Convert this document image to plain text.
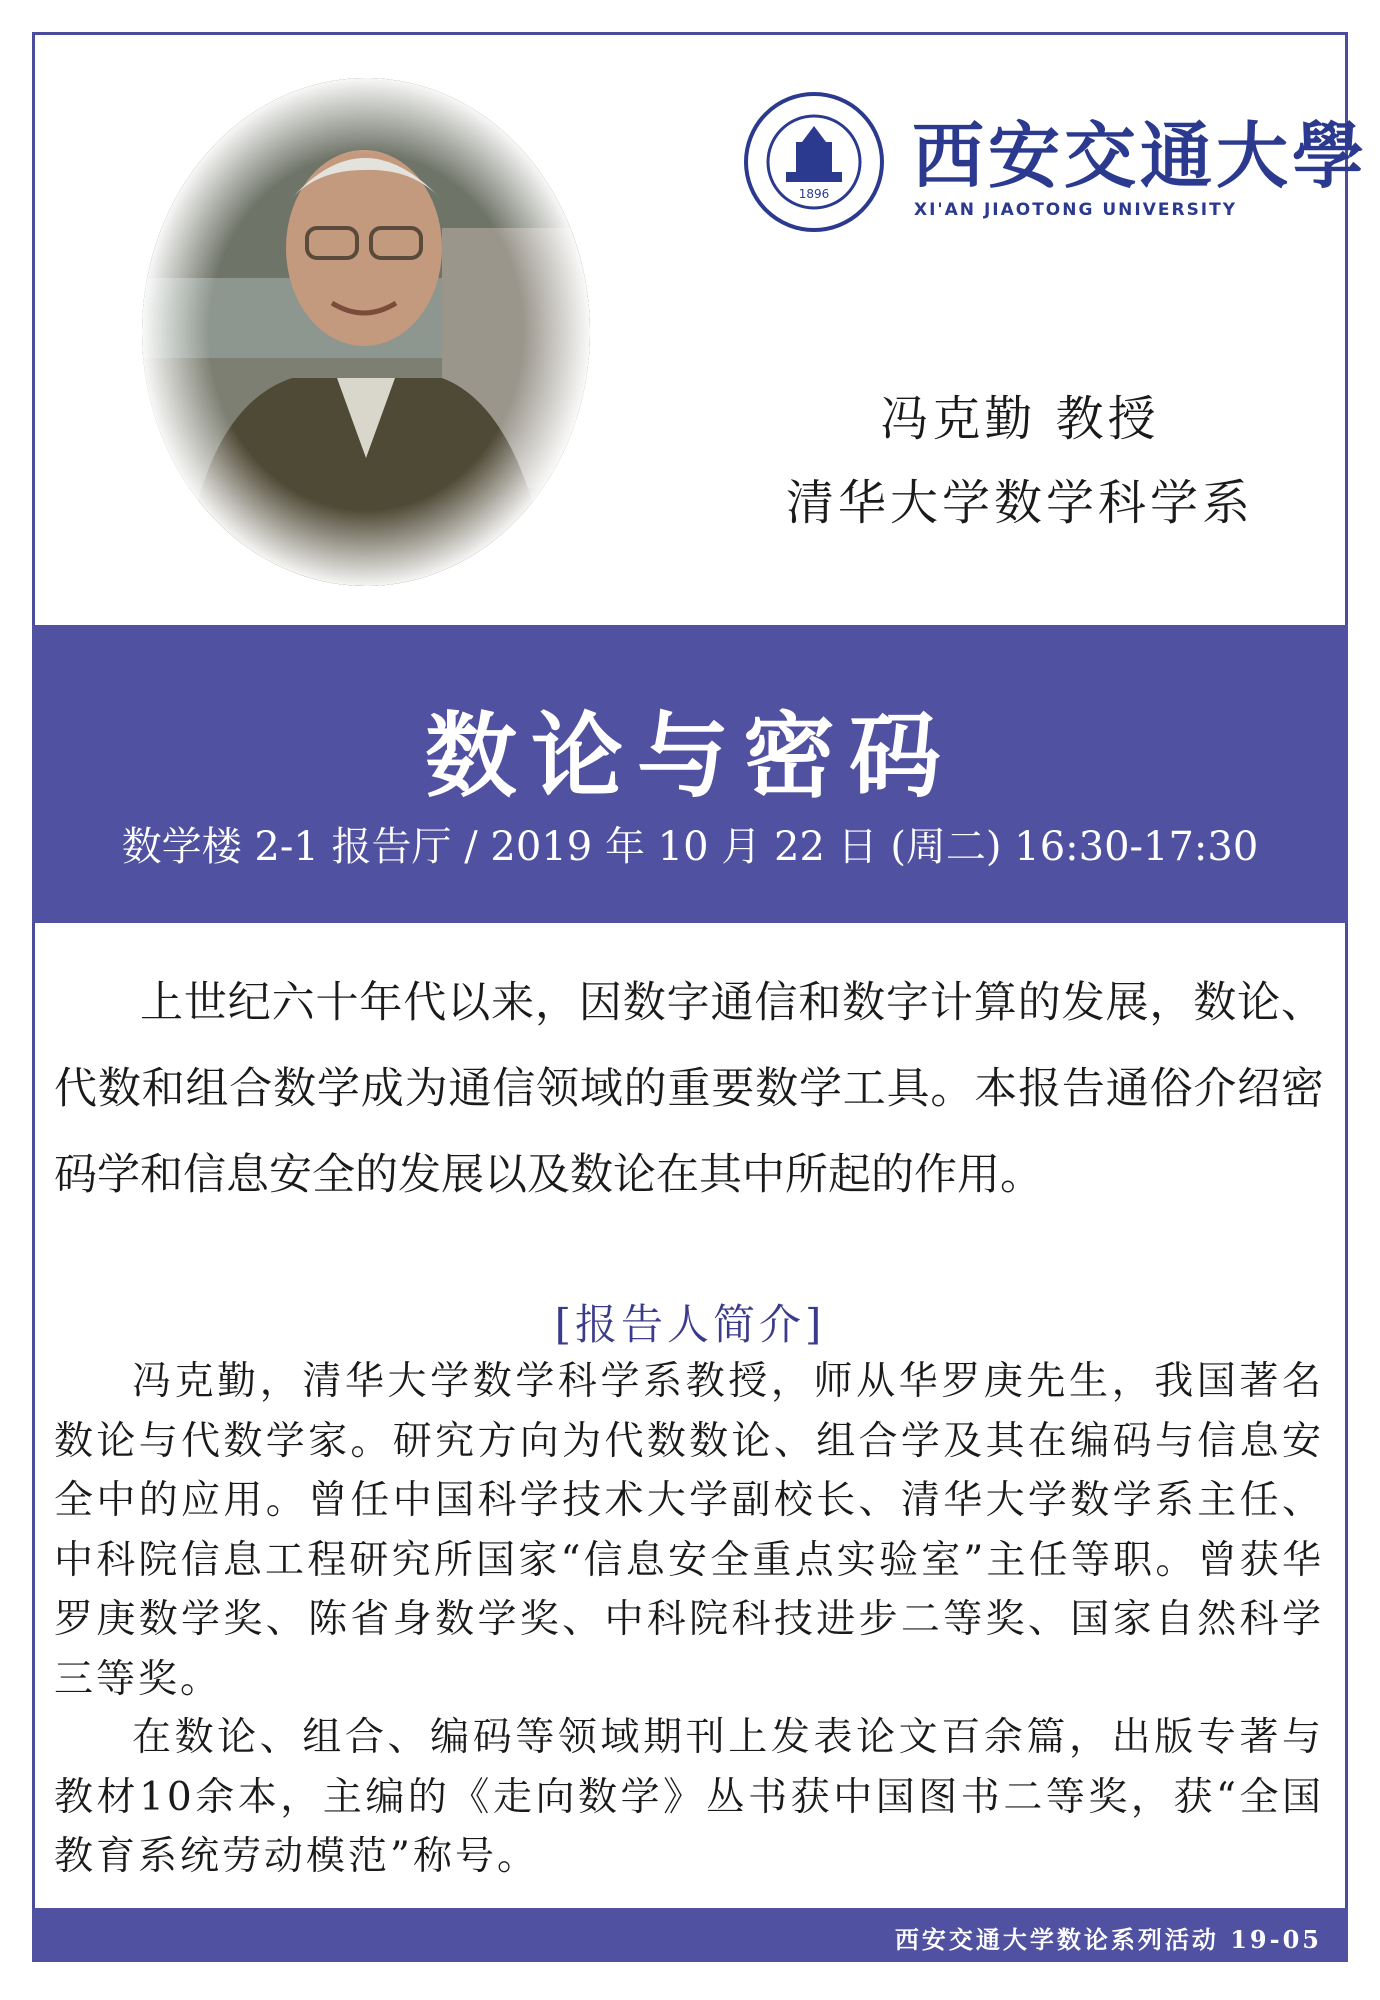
1896 西安交通大學
XI'AN JIAOTONG UNIVERSITY
冯克勤 教授
清华大学数学科学系
数论与密码
数学楼 2-1 报告厅 / 2019 年 10 月 22 日 (周二) 16:30-17:30

上世纪六十年代以来，因数字通信和数字计算的发展，数论、代数和组合数学成为通信领域的重要数学工具。本报告通俗介绍密码学和信息安全的发展以及数论在其中所起的作用。

[报告人简介]

冯克勤，清华大学数学科学系教授，师从华罗庚先生，我国著名数论与代数学家。研究方向为代数数论、组合学及其在编码与信息安全中的应用。曾任中国科学技术大学副校长、清华大学数学系主任、中科院信息工程研究所国家“信息安全重点实验室”主任等职。曾获华罗庚数学奖、陈省身数学奖、中科院科技进步二等奖、国家自然科学三等奖。

在数论、组合、编码等领域期刊上发表论文百余篇，出版专著与教材10余本，主编的《走向数学》丛书获中国图书二等奖，获“全国教育系统劳动模范”称号。

西安交通大学数论系列活动 19-05
